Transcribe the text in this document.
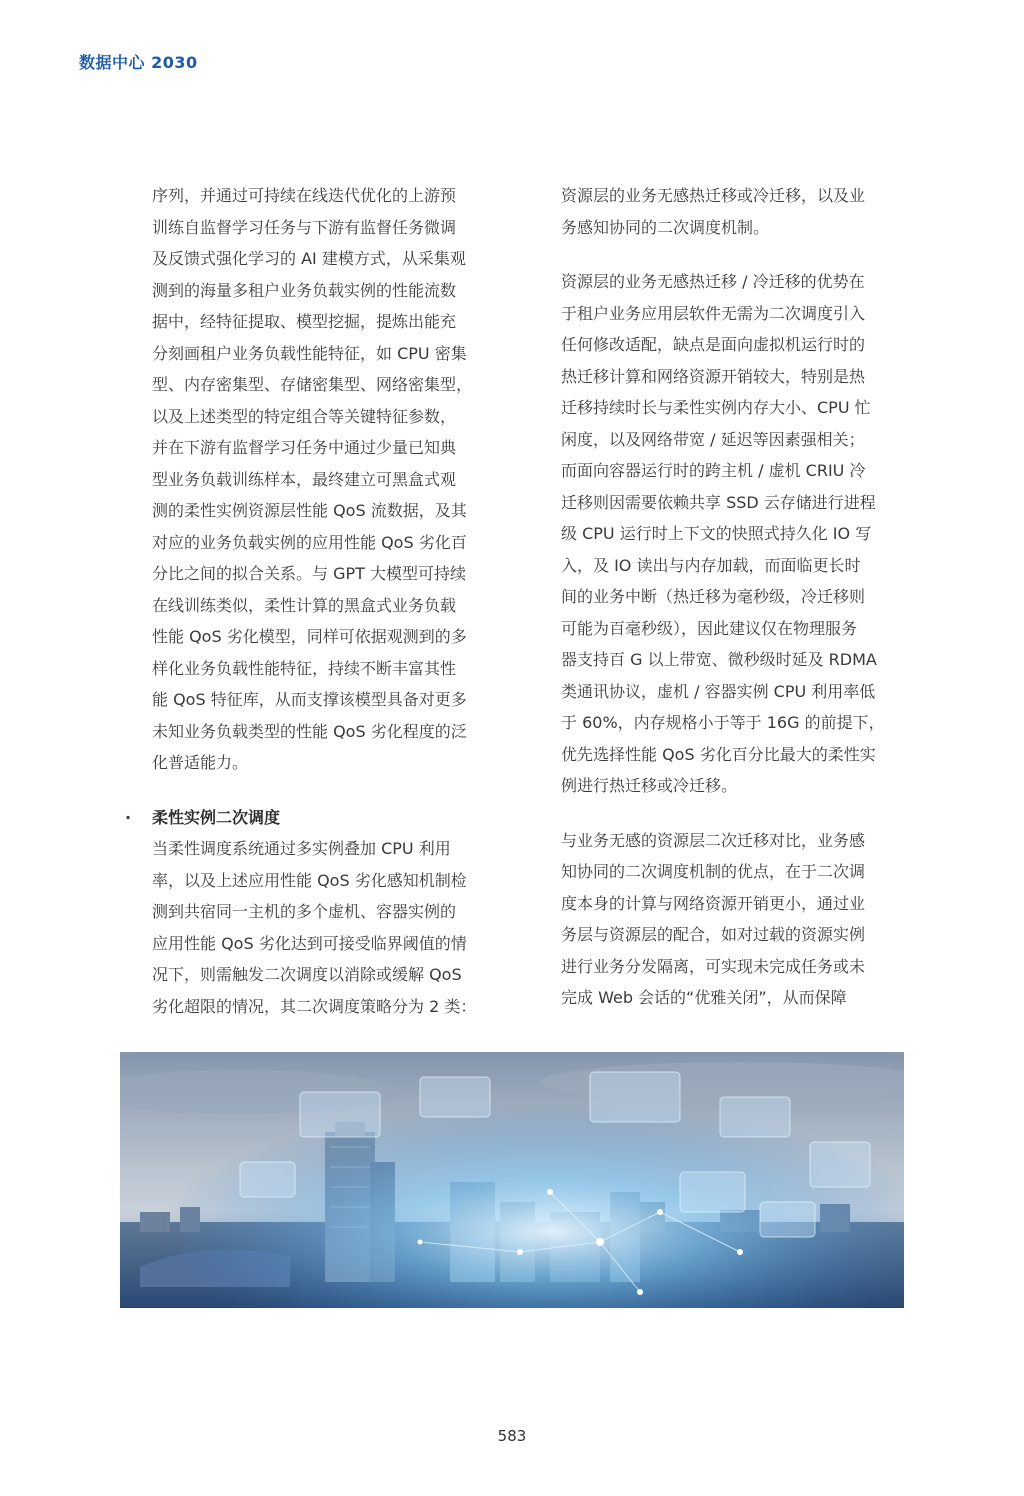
数据中心 2030
序列，并通过可持续在线迭代优化的上游预
训练自监督学习任务与下游有监督任务微调
及反馈式强化学习的 AI 建模方式，从采集观
测到的海量多租户业务负载实例的性能流数
据中，经特征提取、模型挖掘，提炼出能充
分刻画租户业务负载性能特征，如 CPU 密集
型、内存密集型、存储密集型、网络密集型，
以及上述类型的特定组合等关键特征参数，
并在下游有监督学习任务中通过少量已知典
型业务负载训练样本，最终建立可黑盒式观
测的柔性实例资源层性能 QoS 流数据，及其
对应的业务负载实例的应用性能 QoS 劣化百
分比之间的拟合关系。与 GPT 大模型可持续
在线训练类似，柔性计算的黑盒式业务负载
性能 QoS 劣化模型，同样可依据观测到的多
样化业务负载性能特征，持续不断丰富其性
能 QoS 特征库，从而支撑该模型具备对更多
未知业务负载类型的性能 QoS 劣化程度的泛
化普适能力。
· 柔性实例二次调度
当柔性调度系统通过多实例叠加 CPU 利用
率，以及上述应用性能 QoS 劣化感知机制检
测到共宿同一主机的多个虚机、容器实例的
应用性能 QoS 劣化达到可接受临界阈值的情
况下，则需触发二次调度以消除或缓解 QoS
劣化超限的情况，其二次调度策略分为 2 类：
资源层的业务无感热迁移或冷迁移，以及业
务感知协同的二次调度机制。
资源层的业务无感热迁移 / 冷迁移的优势在
于租户业务应用层软件无需为二次调度引入
任何修改适配，缺点是面向虚拟机运行时的
热迁移计算和网络资源开销较大，特别是热
迁移持续时长与柔性实例内存大小、CPU 忙
闲度，以及网络带宽 / 延迟等因素强相关；
而面向容器运行时的跨主机 / 虚机 CRIU 冷
迁移则因需要依赖共享 SSD 云存储进行进程
级 CPU 运行时上下文的快照式持久化 IO 写
入，及 IO 读出与内存加载，而面临更长时
间的业务中断（热迁移为毫秒级，冷迁移则
可能为百毫秒级），因此建议仅在物理服务
器支持百 G 以上带宽、微秒级时延及 RDMA
类通讯协议，虚机 / 容器实例 CPU 利用率低
于 60%，内存规格小于等于 16G 的前提下，
优先选择性能 QoS 劣化百分比最大的柔性实
例进行热迁移或冷迁移。
与业务无感的资源层二次迁移对比，业务感
知协同的二次调度机制的优点，在于二次调
度本身的计算与网络资源开销更小，通过业
务层与资源层的配合，如对过载的资源实例
进行业务分发隔离，可实现未完成任务或未
完成 Web 会话的“优雅关闭”，从而保障
583
